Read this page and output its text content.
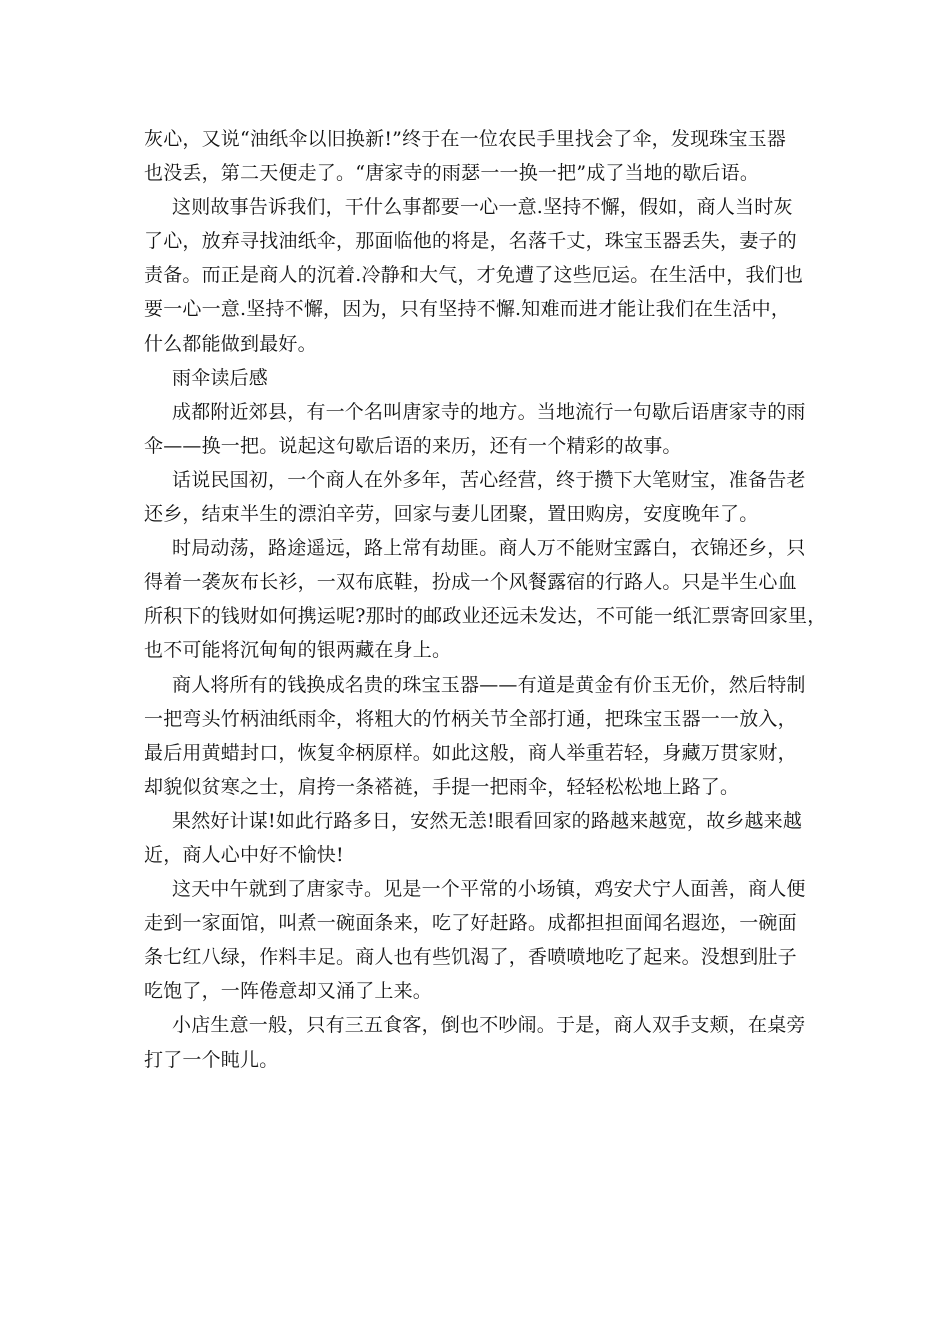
灰心，又说“油纸伞以旧换新!”终于在一位农民手里找会了伞，发现珠宝玉器
也没丢，第二天便走了。“唐家寺的雨瑟一一换一把”成了当地的歇后语。
这则故事告诉我们，干什么事都要一心一意.坚持不懈，假如，商人当时灰
了心，放弃寻找油纸伞，那面临他的将是，名落千丈，珠宝玉器丢失，妻子的
责备。而正是商人的沉着.冷静和大气，才免遭了这些厄运。在生活中，我们也
要一心一意.坚持不懈，因为，只有坚持不懈.知难而进才能让我们在生活中，
什么都能做到最好。
雨伞读后感
成都附近郊县，有一个名叫唐家寺的地方。当地流行一句歇后语唐家寺的雨
伞——换一把。说起这句歇后语的来历，还有一个精彩的故事。
话说民国初，一个商人在外多年，苦心经营，终于攒下大笔财宝，准备告老
还乡，结束半生的漂泊辛劳，回家与妻儿团聚，置田购房，安度晚年了。
时局动荡，路途遥远，路上常有劫匪。商人万不能财宝露白，衣锦还乡，只
得着一袭灰布长衫，一双布底鞋，扮成一个风餐露宿的行路人。只是半生心血
所积下的钱财如何携运呢?那时的邮政业还远未发达，不可能一纸汇票寄回家里，
也不可能将沉甸甸的银两藏在身上。
商人将所有的钱换成名贵的珠宝玉器——有道是黄金有价玉无价，然后特制
一把弯头竹柄油纸雨伞，将粗大的竹柄关节全部打通，把珠宝玉器一一放入，
最后用黄蜡封口，恢复伞柄原样。如此这般，商人举重若轻，身藏万贯家财，
却貌似贫寒之士，肩挎一条褡裢，手提一把雨伞，轻轻松松地上路了。
果然好计谋!如此行路多日，安然无恙!眼看回家的路越来越宽，故乡越来越
近，商人心中好不愉快!
这天中午就到了唐家寺。见是一个平常的小场镇，鸡安犬宁人面善，商人便
走到一家面馆，叫煮一碗面条来，吃了好赶路。成都担担面闻名遐迩，一碗面
条七红八绿，作料丰足。商人也有些饥渴了，香喷喷地吃了起来。没想到肚子
吃饱了，一阵倦意却又涌了上来。
小店生意一般，只有三五食客，倒也不吵闹。于是，商人双手支颊，在桌旁
打了一个盹儿。
